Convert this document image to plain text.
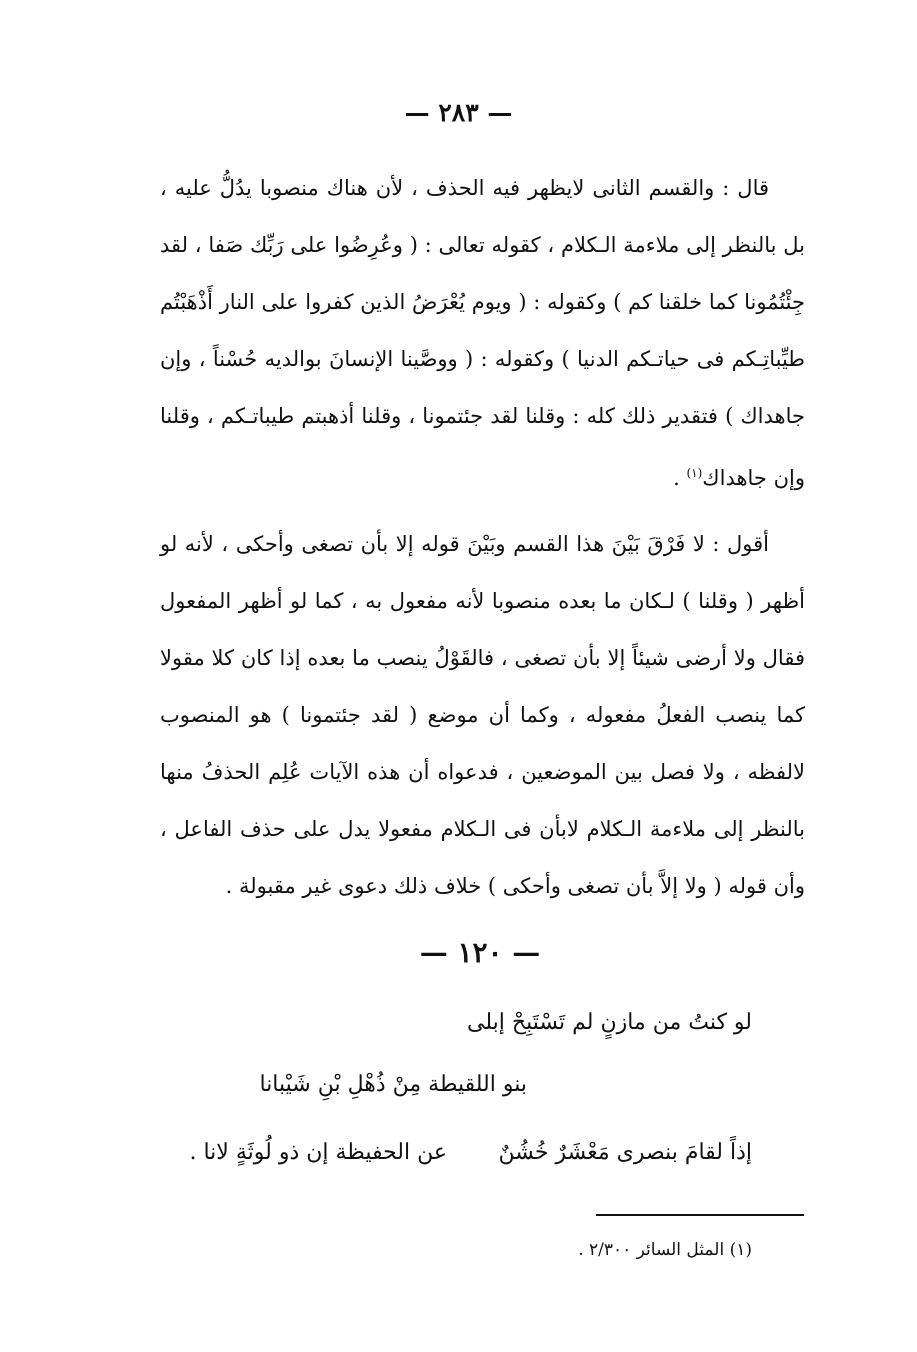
— ٢٨٣ —

قال : والقسم الثانى لايظهر فيه الحذف ، لأن هناك منصوبا يدُلُّ عليه ، بل بالنظر إلى ملاءمة الـكلام ، كقوله تعالى : ( وعُرِضُوا على رَبِّك صَفا ، لقد جِئْتُمُونا كما خلقنا كم ) وكقوله : ( ويوم يُعْرَضُ الذين كفروا على النار أَذْهَبْتُم طيِّباتِـكم فى حياتـكم الدنيا ) وكقوله : ( ووصَّينا الإنسانَ بوالديه حُسْناً ، وإن جاهداك ) فتقدير ذلك كله : وقلنا لقد جئتمونا ، وقلنا أذهبتم طيباتـكم ، وقلنا وإن جاهداك$^{(١)}$ .

أقول : لا فَرْقَ بَيْنَ هذا القسم وبَيْنَ قوله إلا بأن تصغى وأحكى ، لأنه لو أظهر ( وقلنا ) لـكان ما بعده منصوبا لأنه مفعول به ، كما لو أظهر المفعول فقال ولا أرضى شيئاً إلا بأن تصغى ، فالقَوْلُ ينصب ما بعده إذا كان كلا مقولا كما ينصب الفعلُ مفعوله ، وكما أن موضع ( لقد جئتمونا ) هو المنصوب لالفظه ، ولا فصل بين الموضعين ، فدعواه أن هذه الآيات عُلِم الحذفُ منها بالنظر إلى ملاءمة الـكلام لابأن فى الـكلام مفعولا يدل على حذف الفاعل ، وأن قوله ( ولا إلاَّ بأن تصغى وأحكى ) خلاف ذلك دعوى غير مقبولة .

— ١٢٠ —
لو كنتُ من مازنٍ لم تَسْتَبِحْ إبلى
بنو اللقيطة مِنْ ذُهْلِ بْنِ شَيْبانا
إذاً لقامَ بنصرى مَعْشَرٌ خُشُنٌ
عن الحفيظة إن ذو لُوثَةٍ لانا .
(١) المثل السائر ٢/٣٠٠ .
